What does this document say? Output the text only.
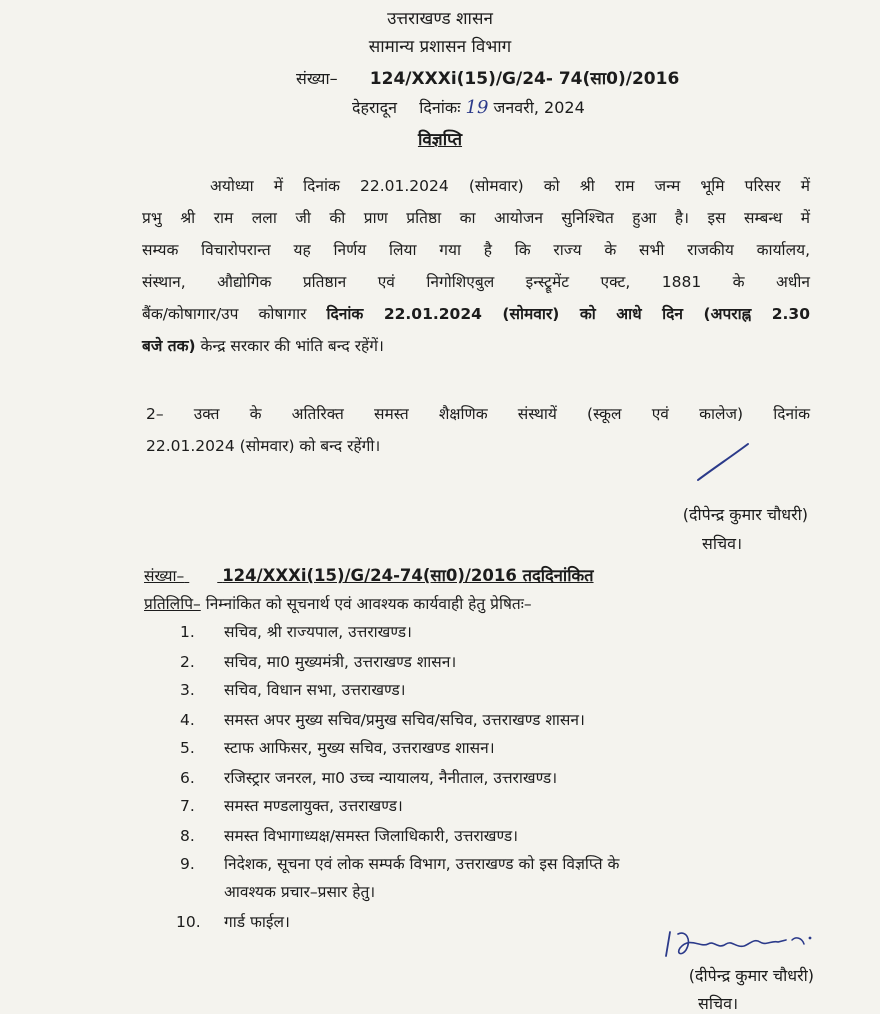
उत्तराखण्ड शासन
सामान्य प्रशासन विभाग
संख्या– 124/XXXi(15)/G/24- 74(सा0)/2016
देहरादून दिनांकः 19 जनवरी, 2024
विज्ञप्ति
अयोध्या में दिनांक 22.01.2024 (सोमवार) को श्री राम जन्म भूमि परिसर में
प्रभु श्री राम लला जी की प्राण प्रतिष्ठा का आयोजन सुनिश्चित हुआ है। इस सम्बन्ध में
सम्यक विचारोपरान्त यह निर्णय लिया गया है कि राज्य के सभी राजकीय कार्यालय,
संस्थान, औद्योगिक प्रतिष्ठान एवं निगोशिएबुल इन्स्ट्रूमेंट एक्ट, 1881 के अधीन
बैंक/कोषागार/उप कोषागार दिनांक 22.01.2024 (सोमवार) को आधे दिन (अपराह्न 2.30
बजे तक) केन्द्र सरकार की भांति बन्द रहेंगें।
2– उक्त के अतिरिक्त समस्त शैक्षणिक संस्थायें (स्कूल एवं कालेज) दिनांक
22.01.2024 (सोमवार) को बन्द रहेंगी।
(दीपेन्द्र कुमार चौधरी)
सचिव।
संख्या– 124/XXXi(15)/G/24-74(सा0)/2016 तददिनांकित
प्रतिलिपि– निम्नांकित को सूचनार्थ एवं आवश्यक कार्यवाही हेतु प्रेषितः–
1. सचिव, श्री राज्यपाल, उत्तराखण्ड।
2. सचिव, मा0 मुख्यमंत्री, उत्तराखण्ड शासन।
3. सचिव, विधान सभा, उत्तराखण्ड।
4. समस्त अपर मुख्य सचिव/प्रमुख सचिव/सचिव, उत्तराखण्ड शासन।
5. स्टाफ आफिसर, मुख्य सचिव, उत्तराखण्ड शासन।
6. रजिस्ट्रार जनरल, मा0 उच्च न्यायालय, नैनीताल, उत्तराखण्ड।
7. समस्त मण्डलायुक्त, उत्तराखण्ड।
8. समस्त विभागाध्यक्ष/समस्त जिलाधिकारी, उत्तराखण्ड।
9. निदेशक, सूचना एवं लोक सम्पर्क विभाग, उत्तराखण्ड को इस विज्ञप्ति के
आवश्यक प्रचार–प्रसार हेतु।
10. गार्ड फाईल।
(दीपेन्द्र कुमार चौधरी)
सचिव।
